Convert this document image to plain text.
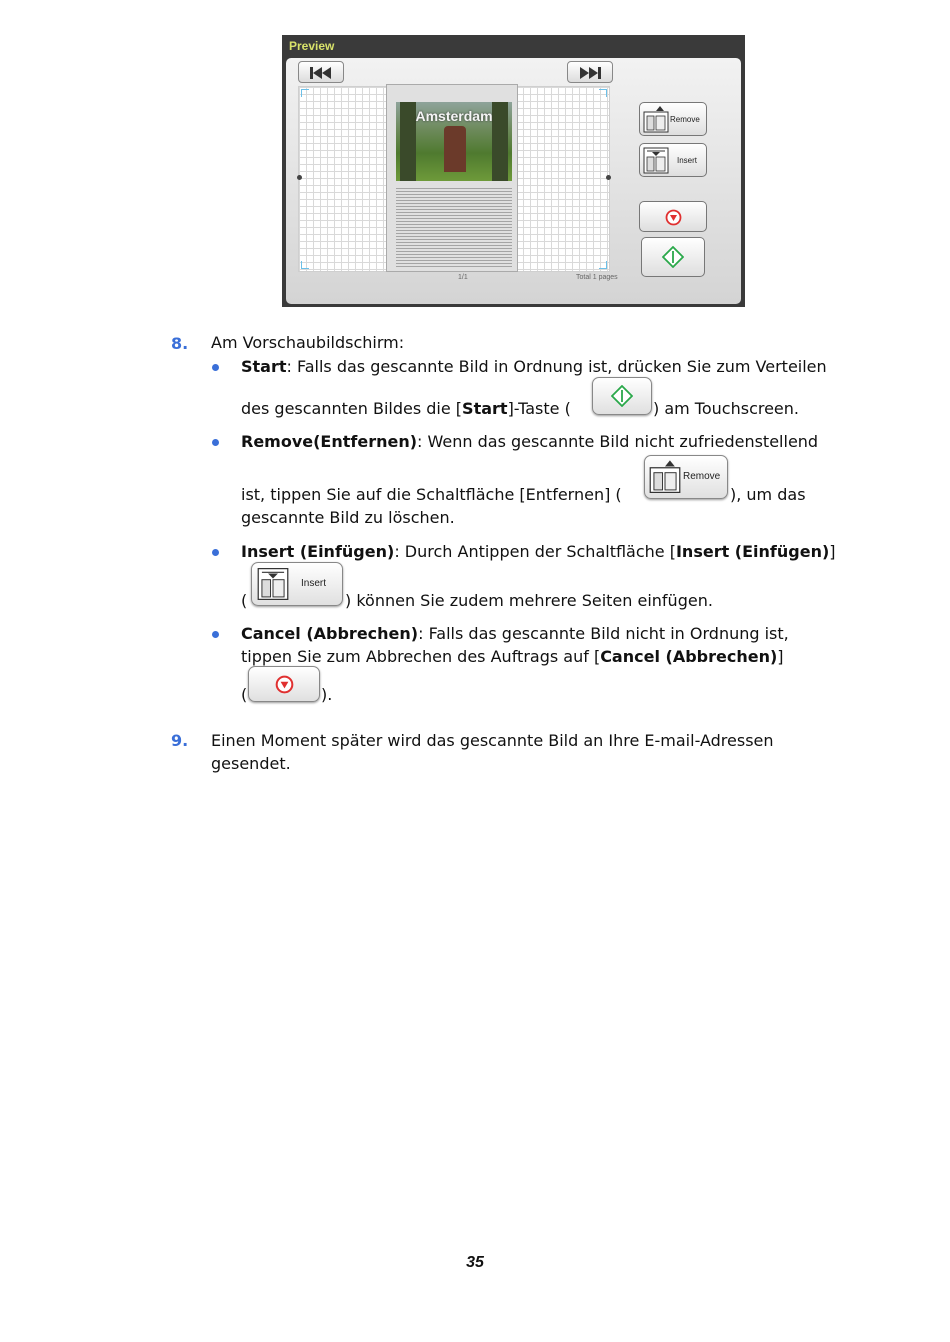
Preview
Amsterdam
1/1	Total 1 pages
Remove
Insert
8. Am Vorschaubildschirm:
Start: Falls das gescannte Bild in Ordnung ist, drücken Sie zum Verteilen
des gescannten Bildes die [Start]-Taste (	) am Touchscreen.
Remove(Entfernen): Wenn das gescannte Bild nicht zufriedenstellend
ist, tippen Sie auf die Schaltfläche [Entfernen] (
Remove
), um das
gescannte Bild zu löschen.
Insert (Einfügen): Durch Antippen der Schaltfläche [Insert (Einfügen)]
(
Insert
) können Sie zudem mehrere Seiten einfügen.
Cancel (Abbrechen): Falls das gescannte Bild nicht in Ordnung ist,
tippen Sie zum Abbrechen des Auftrags auf [Cancel (Abbrechen)]
(	).
9. Einen Moment später wird das gescannte Bild an Ihre E-mail-Adressen
gesendet.
35
